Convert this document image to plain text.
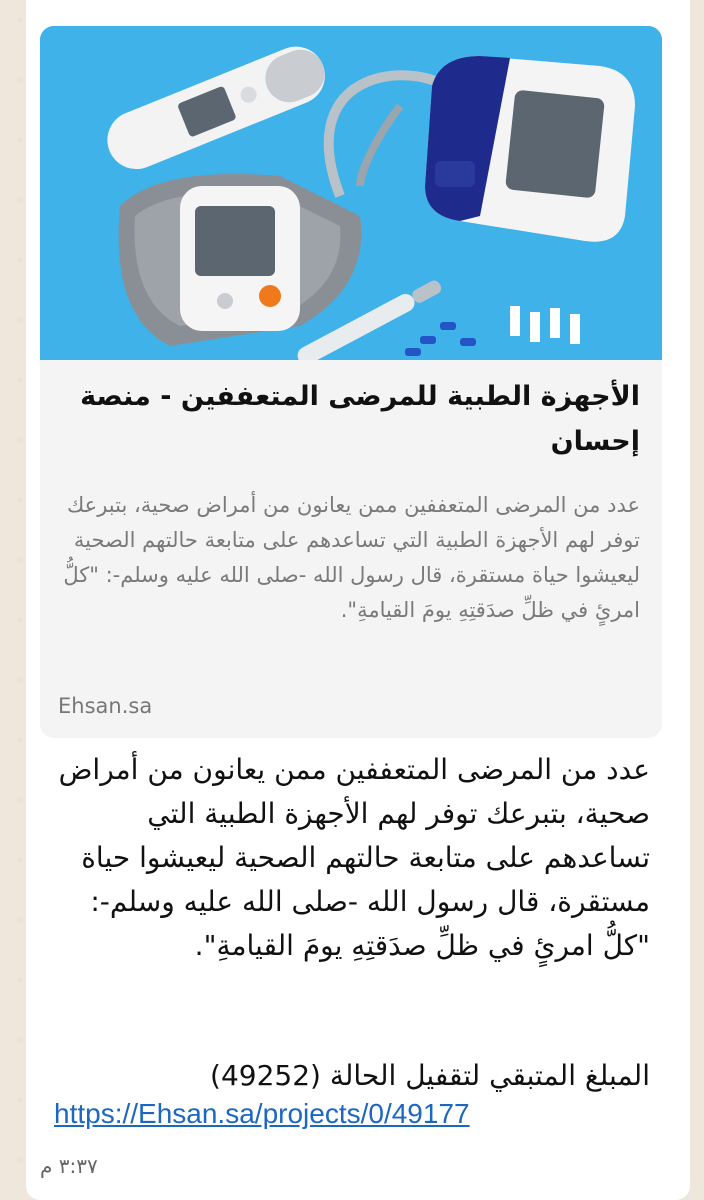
الأجهزة الطبية للمرضى المتعففين - منصة إحسان

عدد من المرضى المتعففين ممن يعانون من أمراض صحية، بتبرعك توفر لهم الأجهزة الطبية التي تساعدهم على متابعة حالتهم الصحية ليعيشوا حياة مستقرة، قال رسول الله -صلى الله عليه وسلم-: "كلُّ امرئٍ في ظلِّ صدَقتِهِ يومَ القيامةِ".

Ehsan.sa

عدد من المرضى المتعففين ممن يعانون من أمراض صحية، بتبرعك توفر لهم الأجهزة الطبية التي تساعدهم على متابعة حالتهم الصحية ليعيشوا حياة مستقرة، قال رسول الله -صلى الله عليه وسلم-: "كلُّ امرئٍ في ظلِّ صدَقتِهِ يومَ القيامةِ".

المبلغ المتبقي لتقفيل الحالة (49252)

https://Ehsan.sa/projects/0/49177
٣:٣٧ م
